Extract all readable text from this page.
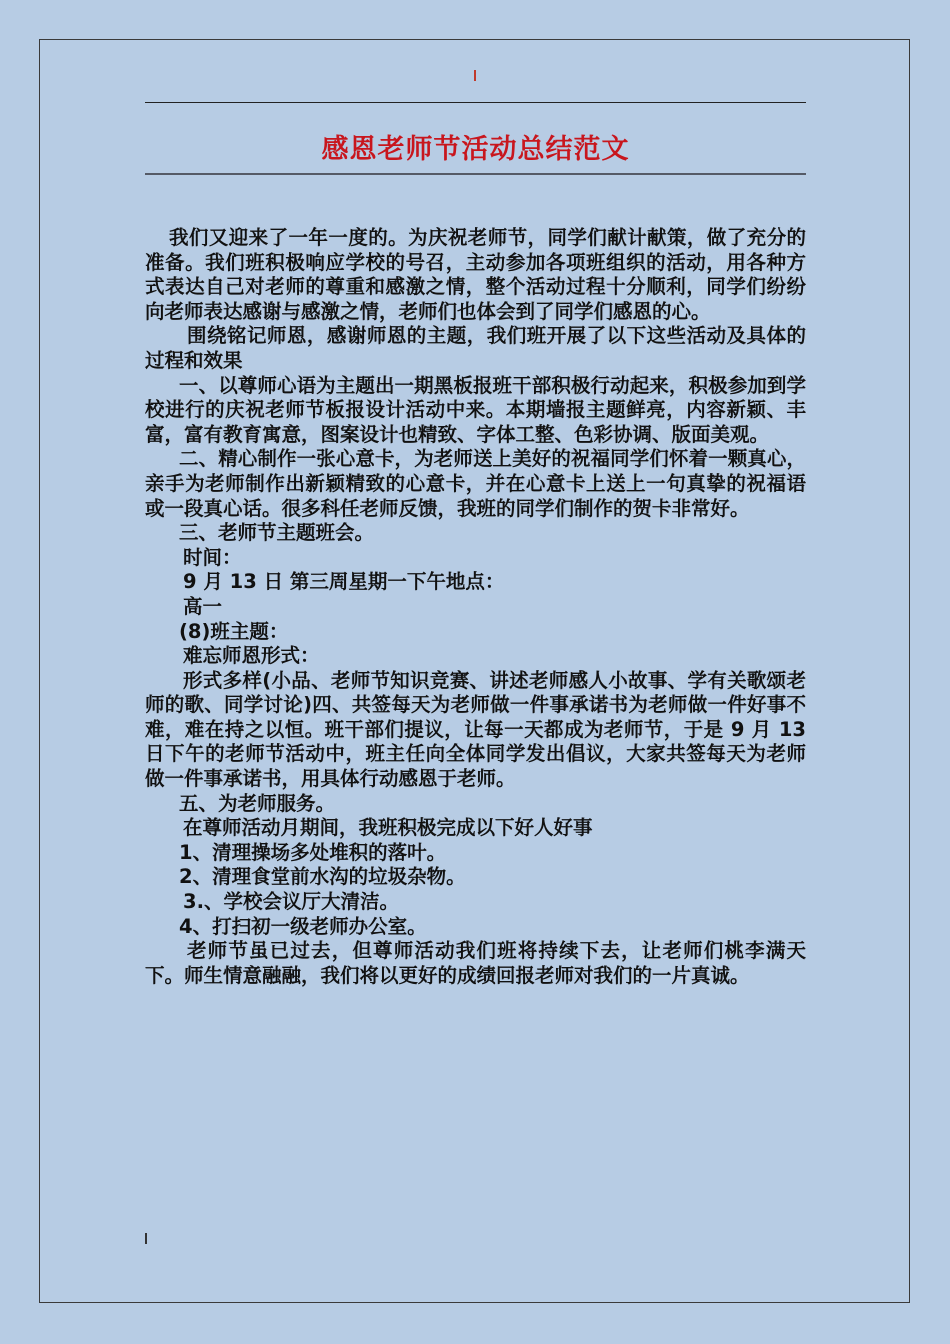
感恩老师节活动总结范文

我们又迎来了一年一度的。为庆祝老师节，同学们献计献策，做了充分的准备。我们班积极响应学校的号召，主动参加各项班组织的活动，用各种方式表达自己对老师的尊重和感激之情，整个活动过程十分顺利，同学们纷纷向老师表达感谢与感激之情，老师们也体会到了同学们感恩的心。

围绕铭记师恩，感谢师恩的主题，我们班开展了以下这些活动及具体的过程和效果

一、以尊师心语为主题出一期黑板报班干部积极行动起来，积极参加到学校进行的庆祝老师节板报设计活动中来。本期墙报主题鲜亮，内容新颖、丰富，富有教育寓意，图案设计也精致、字体工整、色彩协调、版面美观。

二、精心制作一张心意卡，为老师送上美好的祝福同学们怀着一颗真心，亲手为老师制作出新颖精致的心意卡，并在心意卡上送上一句真挚的祝福语或一段真心话。很多科任老师反馈，我班的同学们制作的贺卡非常好。

三、老师节主题班会。

时间：

9 月 13 日 第三周星期一下午地点：

高一

(8)班主题：

难忘师恩形式：

形式多样(小品、老师节知识竞赛、讲述老师感人小故事、学有关歌颂老师的歌、同学讨论)四、共签每天为老师做一件事承诺书为老师做一件好事不难，难在持之以恒。班干部们提议，让每一天都成为老师节，于是 9 月 13 日下午的老师节活动中，班主任向全体同学发出倡议，大家共签每天为老师做一件事承诺书，用具体行动感恩于老师。

五、为老师服务。

在尊师活动月期间，我班积极完成以下好人好事

1、清理操场多处堆积的落叶。

2、清理食堂前水沟的垃圾杂物。

3.、学校会议厅大清洁。

4、打扫初一级老师办公室。

老师节虽已过去，但尊师活动我们班将持续下去，让老师们桃李满天下。师生情意融融，我们将以更好的成绩回报老师对我们的一片真诚。
